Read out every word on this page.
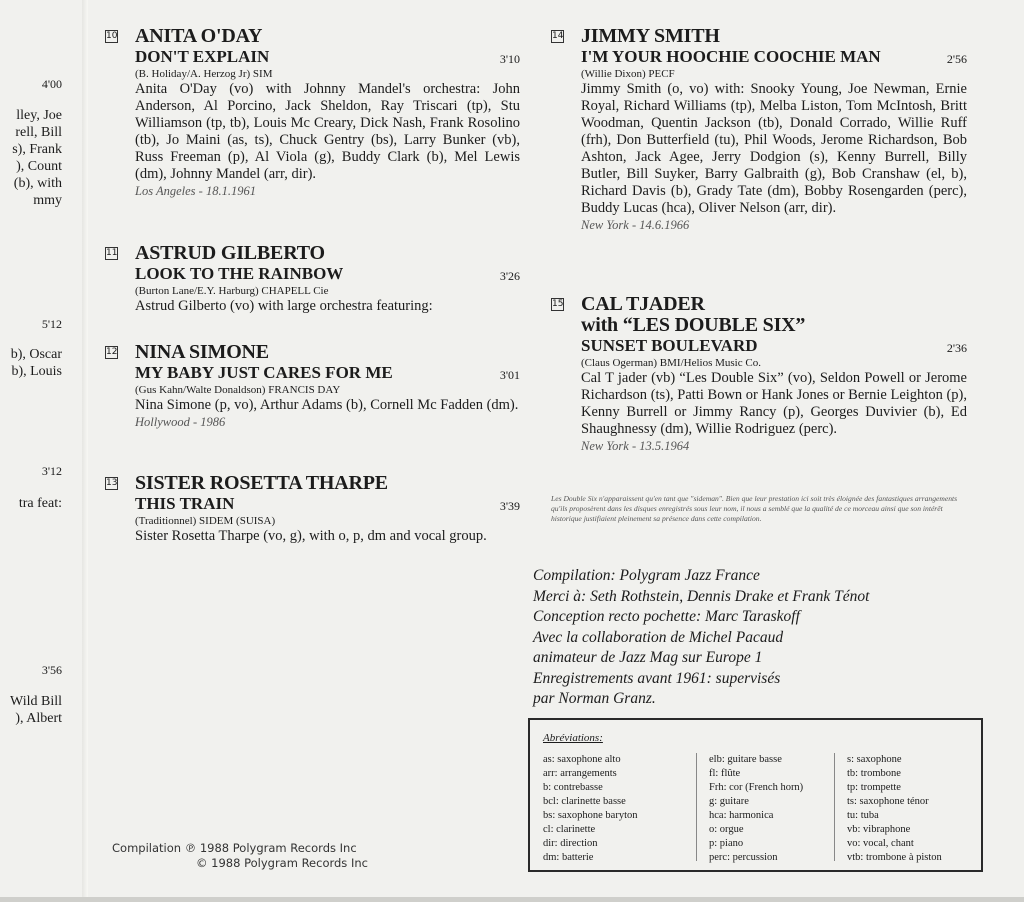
4'00
lley, Joe
rell, Bill
s), Frank
), Count
(b), with
mmy
5'12
b), Oscar
b), Louis
3'12
tra feat:
3'56
Wild Bill
), Albert
10 ANITA O'DAY
DON'T EXPLAIN	3'10
(B. Holiday/A. Herzog Jr) SIM
Anita O'Day (vo) with Johnny Mandel's orchestra: John Anderson, Al Porcino, Jack Sheldon, Ray Triscari (tp), Stu Williamson (tp, tb), Louis Mc Creary, Dick Nash, Frank Rosolino (tb), Jo Maini (as, ts), Chuck Gentry (bs), Larry Bunker (vb), Russ Freeman (p), Al Viola (g), Buddy Clark (b), Mel Lewis (dm), Johnny Mandel (arr, dir).
Los Angeles - 18.1.1961
11 ASTRUD GILBERTO
LOOK TO THE RAINBOW	3'26
(Burton Lane/E.Y. Harburg) CHAPELL Cie
Astrud Gilberto (vo) with large orchestra featuring:
12 NINA SIMONE
MY BABY JUST CARES FOR ME	3'01
(Gus Kahn/Walte Donaldson) FRANCIS DAY
Nina Simone (p, vo), Arthur Adams (b), Cornell Mc Fadden (dm).
Hollywood - 1986
13 SISTER ROSETTA THARPE
THIS TRAIN	3'39
(Traditionnel) SIDEM (SUISA)
Sister Rosetta Tharpe (vo, g), with o, p, dm and vocal group.
14 JIMMY SMITH
I'M YOUR HOOCHIE COOCHIE MAN	2'56
(Willie Dixon) PECF
Jimmy Smith (o, vo) with: Snooky Young, Joe Newman, Ernie Royal, Richard Williams (tp), Melba Liston, Tom McIntosh, Britt Woodman, Quentin Jackson (tb), Donald Corrado, Willie Ruff (frh), Don Butterfield (tu), Phil Woods, Jerome Richardson, Bob Ashton, Jack Agee, Jerry Dodgion (s), Kenny Burrell, Billy Butler, Bill Suyker, Barry Galbraith (g), Bob Cranshaw (el, b), Richard Davis (b), Grady Tate (dm), Bobby Rosengarden (perc), Buddy Lucas (hca), Oliver Nelson (arr, dir).
New York - 14.6.1966
15 CAL TJADER
with “LES DOUBLE SIX”
SUNSET BOULEVARD	2'36
(Claus Ogerman) BMI/Helios Music Co.
Cal T jader (vb) “Les Double Six” (vo), Seldon Powell or Jerome Richardson (ts), Patti Bown or Hank Jones or Bernie Leighton (p), Kenny Burrell or Jimmy Rancy (p), Georges Duvivier (b), Ed Shaughnessy (dm), Willie Rodriguez (perc).
New York - 13.5.1964
Les Double Six n'apparaissent qu'en tant que "sideman". Bien que leur prestation ici soit très éloignée des fantastiques arrangements qu'ils proposèrent dans les disques enregistrés sous leur nom, il nous a semblé que la qualité de ce morceau ainsi que son intérêt historique justifiaient pleinement sa présence dans cette compilation.
Compilation: Polygram Jazz France
Merci à: Seth Rothstein, Dennis Drake et Frank Ténot
Conception recto pochette: Marc Taraskoff
Avec la collaboration de Michel Pacaud
animateur de Jazz Mag sur Europe 1
Enregistrements avant 1961: supervisés
par Norman Granz.
Abréviations:
as: saxophone alto
arr: arrangements
b: contrebasse
bcl: clarinette basse
bs: saxophone baryton
cl: clarinette
dir: direction
dm: batterie
elb: guitare basse
fl: flûte
Frh: cor (French horn)
g: guitare
hca: harmonica
o: orgue
p: piano
perc: percussion
s: saxophone
tb: trombone
tp: trompette
ts: saxophone ténor
tu: tuba
vb: vibraphone
vo: vocal, chant
vtb: trombone à piston
Compilation ℗ 1988 Polygram Records Inc
© 1988 Polygram Records Inc
